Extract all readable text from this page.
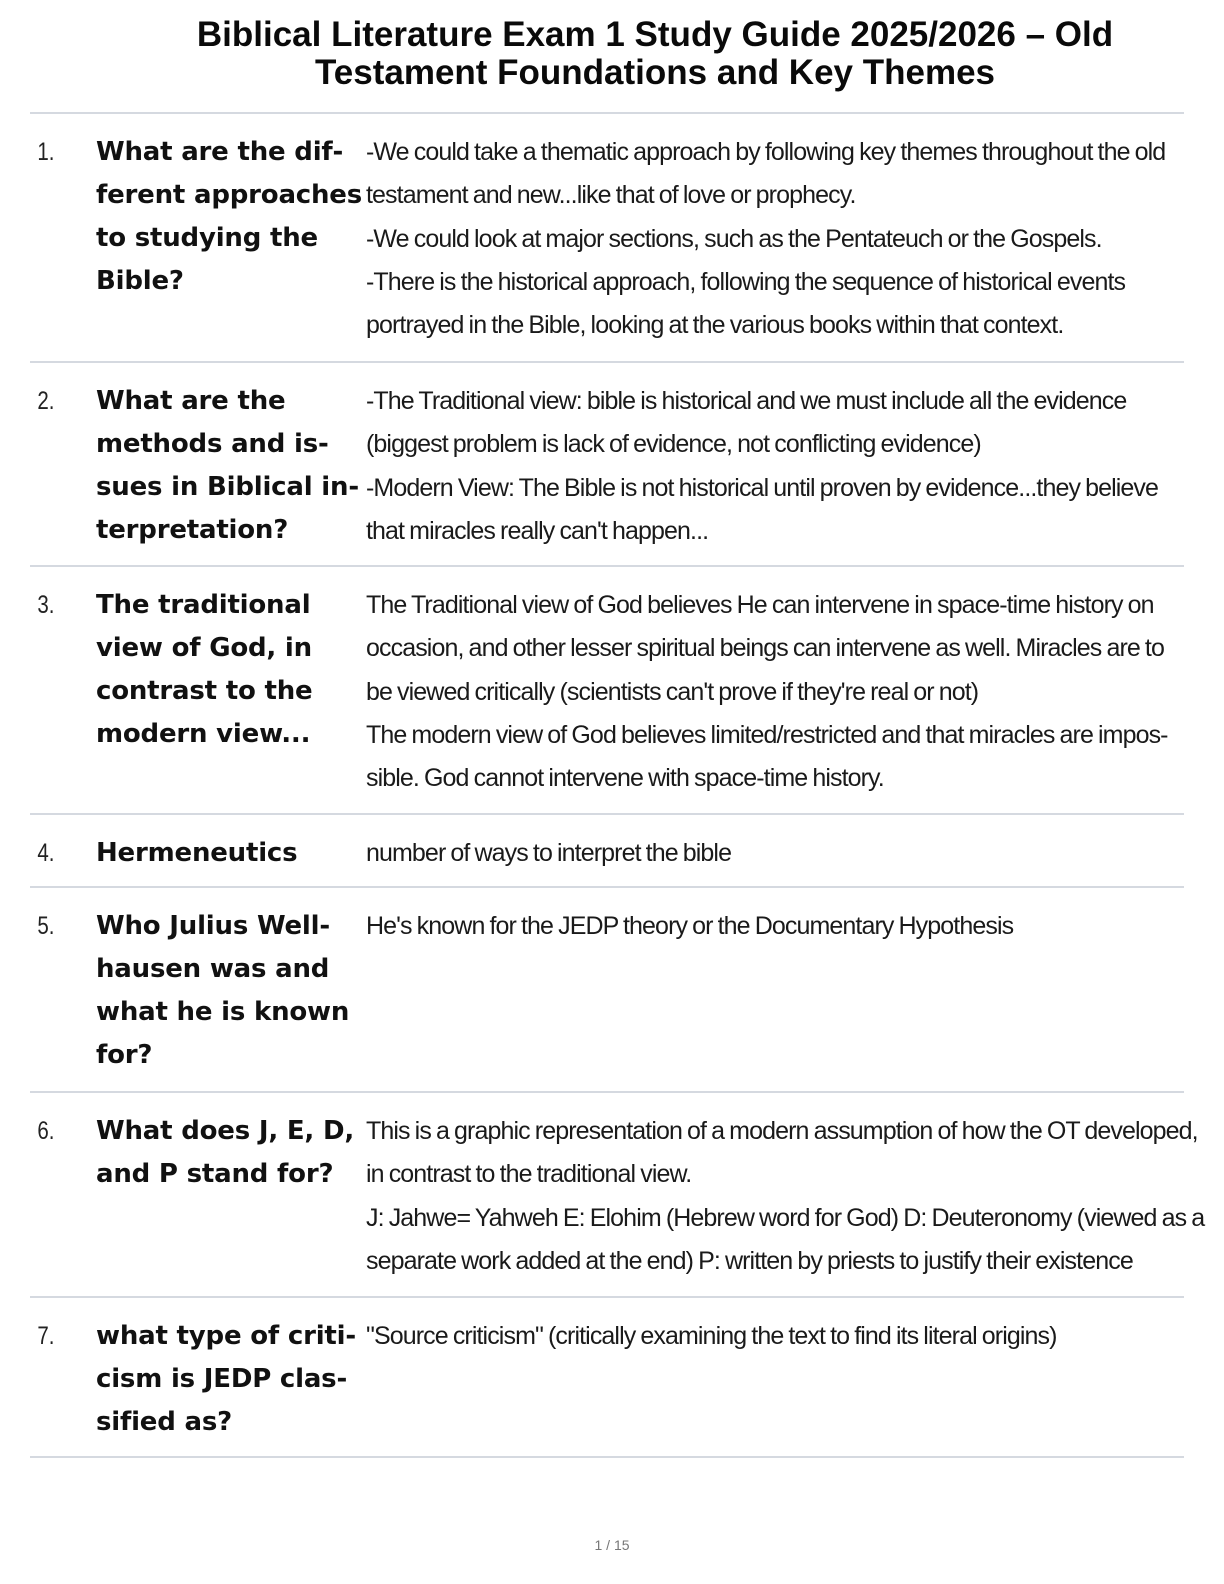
Biblical Literature Exam 1 Study Guide 2025/2026 – Old
Testament Foundations and Key Themes
1.	What are the different approaches to studying the Bible?
-We could take a thematic approach by following key themes throughout the old
testament and new...like that of love or prophecy.
-We could look at major sections, such as the Pentateuch or the Gospels.
-There is the historical approach, following the sequence of historical events
portrayed in the Bible, looking at the various books within that context.
2.	What are the methods and issues in Biblical interpretation?
-The Traditional view: bible is historical and we must include all the evidence
(biggest problem is lack of evidence, not conflicting evidence)
-Modern View: The Bible is not historical until proven by evidence...they believe
that miracles really can't happen...
3.	The traditional view of God, in contrast to the modern view...
The Traditional view of God believes He can intervene in space-time history on
occasion, and other lesser spiritual beings can intervene as well. Miracles are to
be viewed critically (scientists can't prove if they're real or not)
The modern view of God believes limited/restricted and that miracles are impos-
sible. God cannot intervene with space-time history.
4.	Hermeneutics	number of ways to interpret the bible
5.	Who Julius Wellhausen was and what he is known for?
He's known for the JEDP theory or the Documentary Hypothesis
6.	What does J, E, D, and P stand for?
This is a graphic representation of a modern assumption of how the OT developed,
in contrast to the traditional view.
J: Jahwe= Yahweh E: Elohim (Hebrew word for God) D: Deuteronomy (viewed as a
separate work added at the end) P: written by priests to justify their existence
7.	what type of criticism is JEDP classified as?
"Source criticism" (critically examining the text to find its literal origins)
1 / 15
